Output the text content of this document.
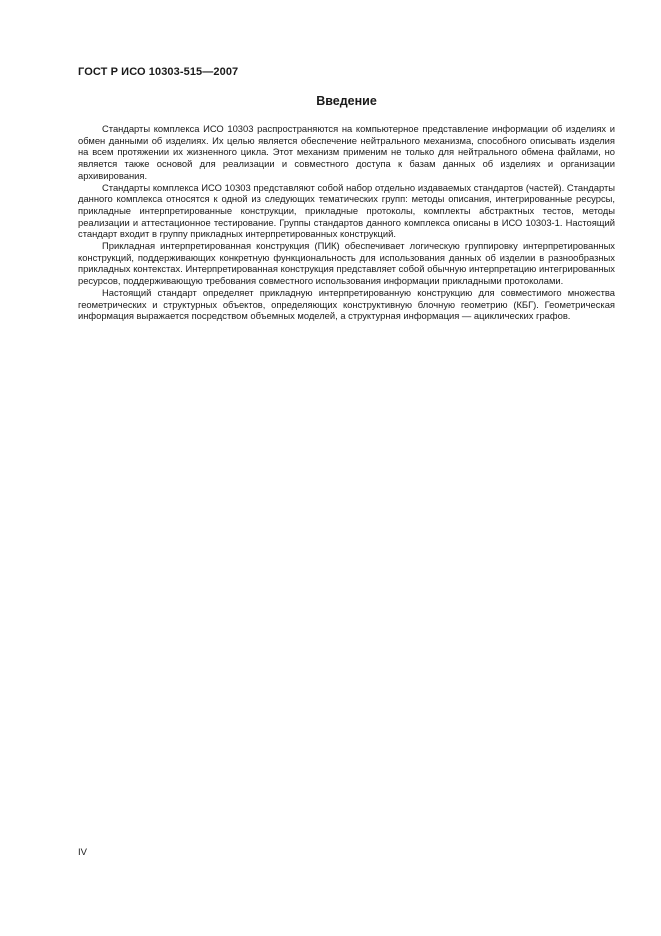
ГОСТ Р ИСО 10303-515—2007
Введение

Стандарты комплекса ИСО 10303 распространяются на компьютерное представление информации об изделиях и обмен данными об изделиях. Их целью является обеспечение нейтрального механизма, способного описывать изделия на всем протяжении их жизненного цикла. Этот механизм применим не только для нейтрального обмена файлами, но является также основой для реализации и совместного доступа к базам данных об изделиях и организации архивирования.

Стандарты комплекса ИСО 10303 представляют собой набор отдельно издаваемых стандартов (частей). Стандарты данного комплекса относятся к одной из следующих тематических групп: методы описания, интегрированные ресурсы, прикладные интерпретированные конструкции, прикладные протоколы, комплекты абстрактных тестов, методы реализации и аттестационное тестирование. Группы стандартов данного комплекса описаны в ИСО 10303-1. Настоящий стандарт входит в группу прикладных интерпретированных конструкций.

Прикладная интерпретированная конструкция (ПИК) обеспечивает логическую группировку интерпретированных конструкций, поддерживающих конкретную функциональность для использования данных об изделии в разнообразных прикладных контекстах. Интерпретированная конструкция представляет собой обычную интерпретацию интегрированных ресурсов, поддерживающую требования совместного использования информации прикладными протоколами.

Настоящий стандарт определяет прикладную интерпретированную конструкцию для совместимого множества геометрических и структурных объектов, определяющих конструктивную блочную геометрию (КБГ). Геометрическая информация выражается посредством объемных моделей, а структурная информация — ациклических графов.

IV
